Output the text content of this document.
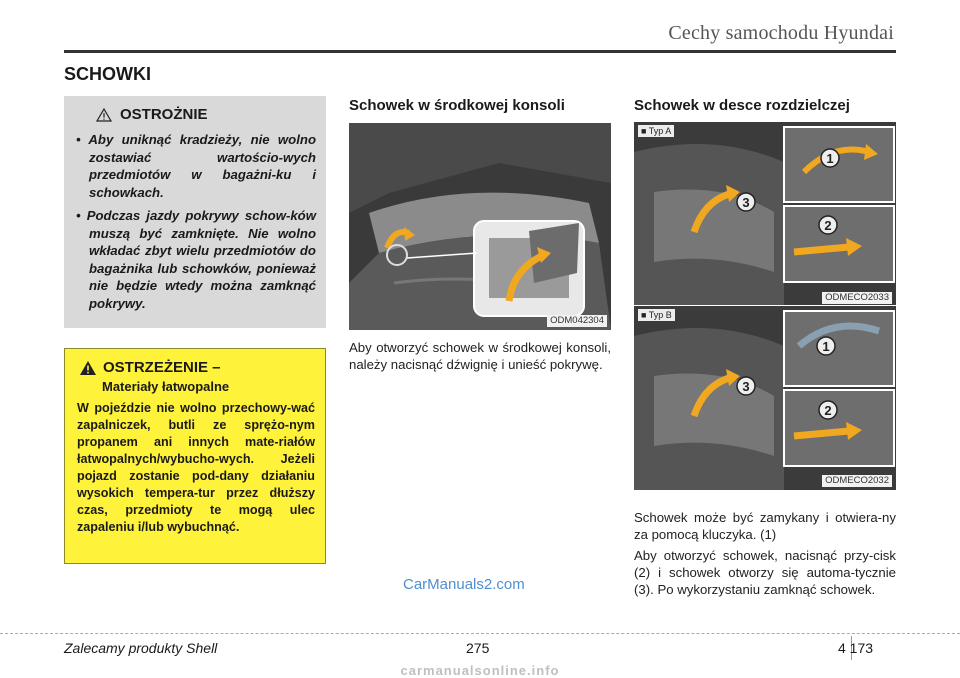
Cechy samochodu Hyundai
SCHOWKI
OSTROŻNIE
• Aby uniknąć kradzieży, nie wolno zostawiać wartościo-wych przedmiotów w bagażni-ku i schowkach.
• Podczas jazdy pokrywy schow-ków muszą być zamknięte. Nie wolno wkładać zbyt wielu przedmiotów do bagażnika lub schowków, ponieważ nie będzie wtedy można zamknąć pokrywy.
OSTRZEŻENIE –
Materiały łatwopalne

W pojeździe nie wolno przechowy-wać zapalniczek, butli ze sprężo-nym propanem ani innych mate-riałów łatwopalnych/wybucho-wych. Jeżeli pojazd zostanie pod-dany działaniu wysokich tempera-tur przez dłuższy czas, przedmioty te mogą ulec zapaleniu i/lub wybuchnąć.

Schowek w środkowej konsoli
ODM042304

Aby otworzyć schowek w środkowej konsoli, należy nacisnąć dźwignię i unieść pokrywę.

Schowek w desce rozdzielczej
1
2
3
■ Typ A
ODMECO2033
1
2
3
■ Typ B
ODMECO2032

Schowek może być zamykany i otwiera-ny za pomocą kluczyka. (1)

Aby otworzyć schowek, nacisnąć przy-cisk (2) i schowek otworzy się automa-tycznie (3). Po wykorzystaniu zamknąć schowek.

CarManuals2.com
Zalecamy produkty Shell	275	4 173
carmanualsonline.info
